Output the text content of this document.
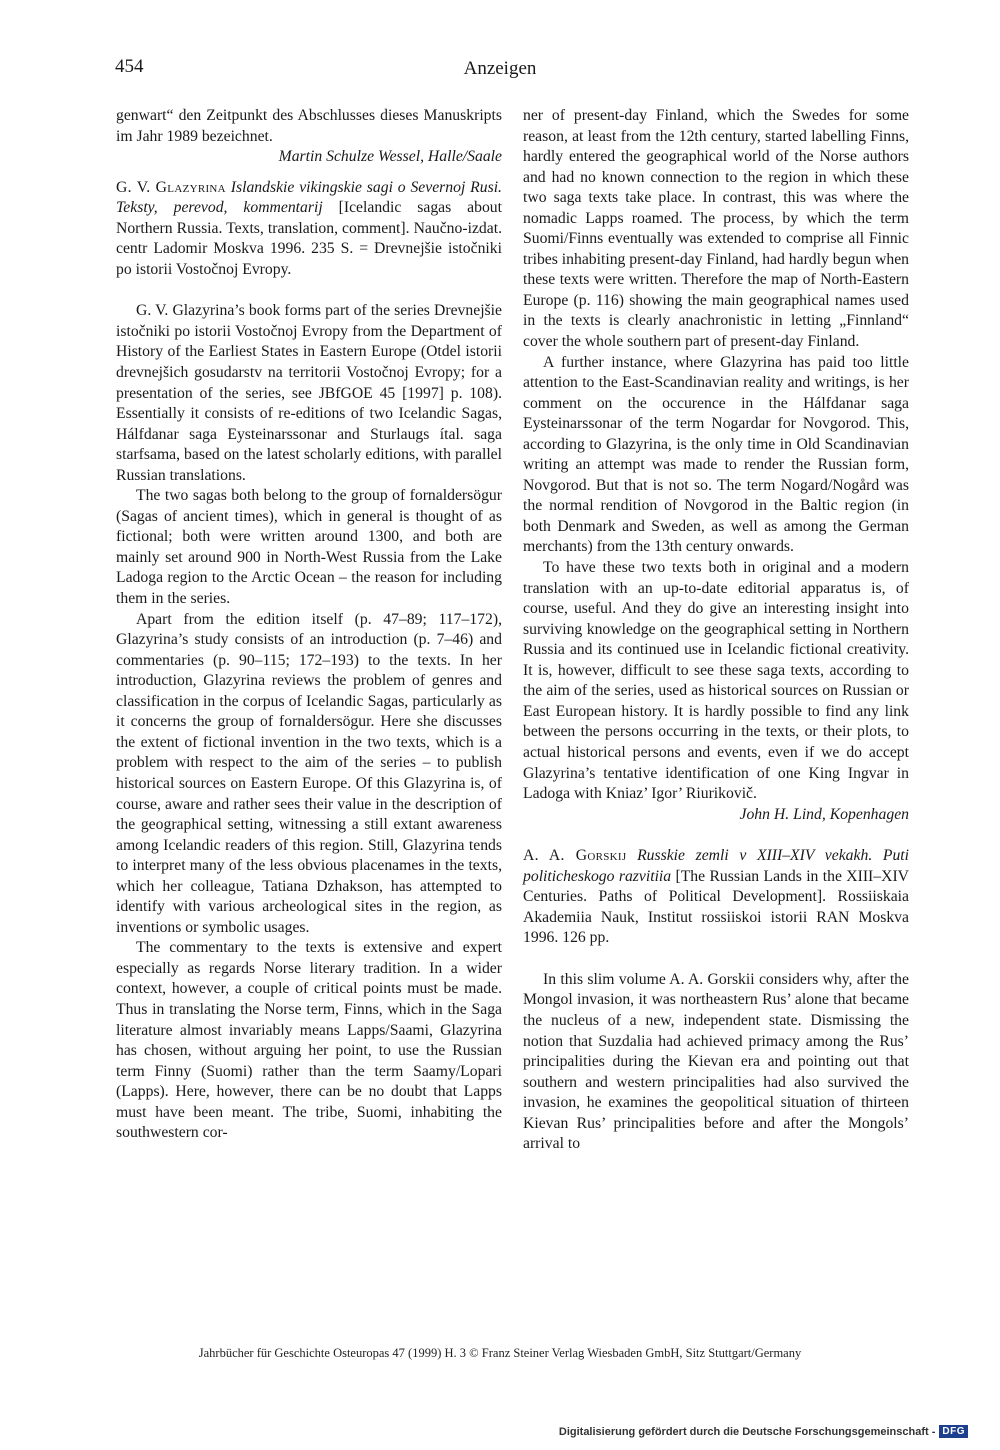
454	Anzeigen

genwart“ den Zeitpunkt des Abschlusses dieses Manuskripts im Jahr 1989 bezeichnet.

Martin Schulze Wessel, Halle/Saale

G. V. Glazyrina Islandskie vikingskie sagi o Severnoj Rusi. Teksty, perevod, kommentarij [Icelandic sagas about Northern Russia. Texts, translation, comment]. Naučno-izdat. centr Ladomir Moskva 1996. 235 S. = Drevnejšie istočniki po istorii Vostočnoj Evropy.

G. V. Glazyrina’s book forms part of the series Drevnejšie istočniki po istorii Vostočnoj Evropy from the Department of History of the Earliest States in Eastern Europe (Otdel istorii drevnejšich gosudarstv na territorii Vostočnoj Evropy; for a presentation of the series, see JBfGOE 45 [1997] p. 108). Essentially it consists of re-editions of two Icelandic Sagas, Hálfdanar saga Eysteinarssonar and Sturlaugs ítal. saga starfsama, based on the latest scholarly editions, with parallel Russian translations.

The two sagas both belong to the group of fornaldersögur (Sagas of ancient times), which in general is thought of as fictional; both were written around 1300, and both are mainly set around 900 in North-West Russia from the Lake Ladoga region to the Arctic Ocean – the reason for including them in the series.

Apart from the edition itself (p. 47–89; 117–172), Glazyrina’s study consists of an introduction (p. 7–46) and commentaries (p. 90–115; 172–193) to the texts. In her introduction, Glazyrina reviews the problem of genres and classification in the corpus of Icelandic Sagas, particularly as it concerns the group of fornaldersögur. Here she discusses the extent of fictional invention in the two texts, which is a problem with respect to the aim of the series – to publish historical sources on Eastern Europe. Of this Glazyrina is, of course, aware and rather sees their value in the description of the geographical setting, witnessing a still extant awareness among Icelandic readers of this region. Still, Glazyrina tends to interpret many of the less obvious placenames in the texts, which her colleague, Tatiana Dzhakson, has attempted to identify with various archeological sites in the region, as inventions or symbolic usages.

The commentary to the texts is extensive and expert especially as regards Norse literary tradition. In a wider context, however, a couple of critical points must be made. Thus in translating the Norse term, Finns, which in the Saga literature almost invariably means Lapps/Saami, Glazyrina has chosen, without arguing her point, to use the Russian term Finny (Suomi) rather than the term Saamy/Lopari (Lapps). Here, however, there can be no doubt that Lapps must have been meant. The tribe, Suomi, inhabiting the southwestern cor-

ner of present-day Finland, which the Swedes for some reason, at least from the 12th century, started labelling Finns, hardly entered the geographical world of the Norse authors and had no known connection to the region in which these two saga texts take place. In contrast, this was where the nomadic Lapps roamed. The process, by which the term Suomi/Finns eventually was extended to comprise all Finnic tribes inhabiting present-day Finland, had hardly begun when these texts were written. Therefore the map of North-Eastern Europe (p. 116) showing the main geographical names used in the texts is clearly anachronistic in letting „Finnland“ cover the whole southern part of present-day Finland.

A further instance, where Glazyrina has paid too little attention to the East-Scandinavian reality and writings, is her comment on the occurence in the Hálfdanar saga Eysteinarssonar of the term Nogardar for Novgorod. This, according to Glazyrina, is the only time in Old Scandinavian writing an attempt was made to render the Russian form, Novgorod. But that is not so. The term Nogard/Nogård was the normal rendition of Novgorod in the Baltic region (in both Denmark and Sweden, as well as among the German merchants) from the 13th century onwards.

To have these two texts both in original and a modern translation with an up-to-date editorial apparatus is, of course, useful. And they do give an interesting insight into surviving knowledge on the geographical setting in Northern Russia and its continued use in Icelandic fictional creativity. It is, however, difficult to see these saga texts, according to the aim of the series, used as historical sources on Russian or East European history. It is hardly possible to find any link between the persons occurring in the texts, or their plots, to actual historical persons and events, even if we do accept Glazyrina’s tentative identification of one King Ingvar in Ladoga with Kniaz’ Igor’ Riurikovič.

John H. Lind, Kopenhagen

A. A. Gorskij Russkie zemli v XIII–XIV vekakh. Puti politicheskogo razvitiia [The Russian Lands in the XIII–XIV Centuries. Paths of Political Development]. Rossiiskaia Akademiia Nauk, Institut rossiiskoi istorii RAN Moskva 1996. 126 pp.

In this slim volume A. A. Gorskii considers why, after the Mongol invasion, it was northeastern Rus’ alone that became the nucleus of a new, independent state. Dismissing the notion that Suzdalia had achieved primacy among the Rus’ principalities during the Kievan era and pointing out that southern and western principalities had also survived the invasion, he examines the geopolitical situation of thirteen Kievan Rus’ principalities before and after the Mongols’ arrival to

Jahrbücher für Geschichte Osteuropas 47 (1999) H. 3 © Franz Steiner Verlag Wiesbaden GmbH, Sitz Stuttgart/Germany
Digitalisierung gefördert durch die Deutsche Forschungsgemeinschaft - DFG
